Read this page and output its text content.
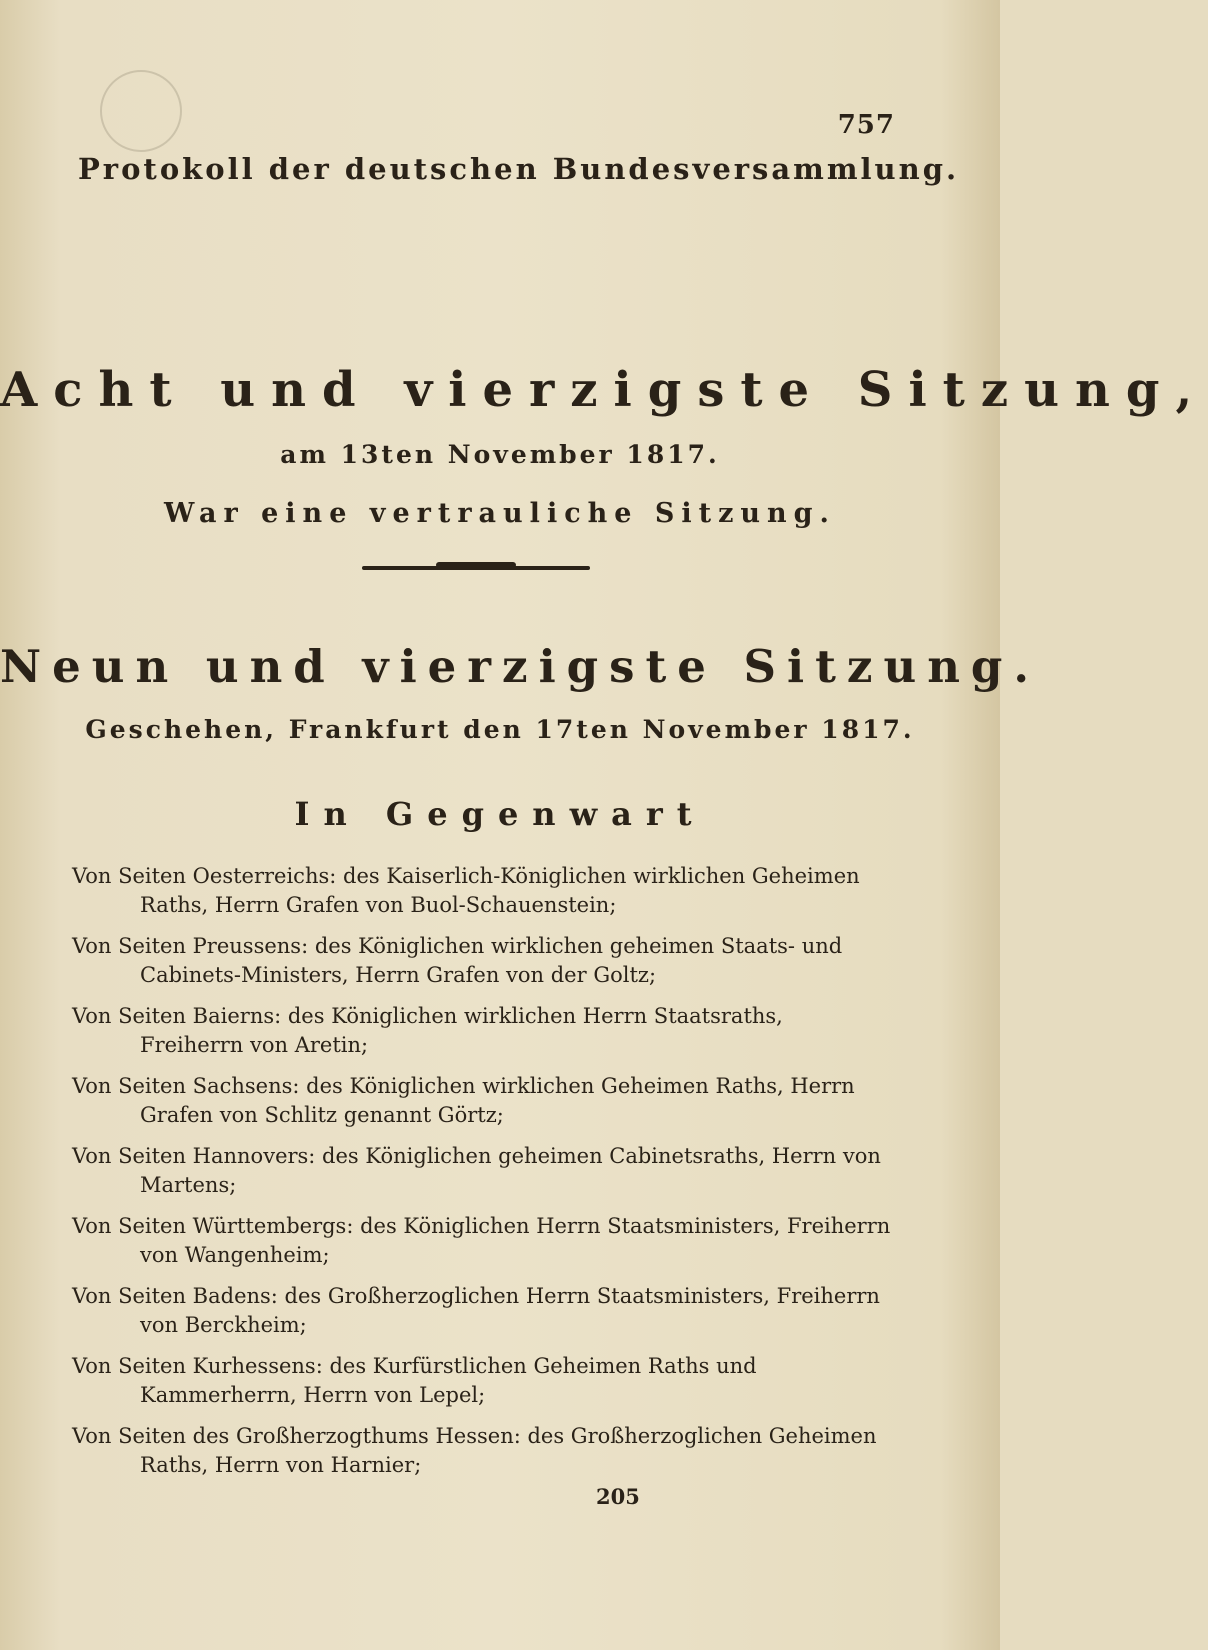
757
Protokoll der deutschen Bundesversammlung.
Acht und vierzigste Sitzung,
am 13ten November 1817.
War eine vertrauliche Sitzung.
Neun und vierzigste Sitzung.
Geschehen, Frankfurt den 17ten November 1817.
In Gegenwart
Von Seiten Oesterreichs: des Kaiserlich-Königlichen wirklichen Geheimen Raths, Herrn Grafen von Buol-Schauenstein;
Von Seiten Preussens: des Königlichen wirklichen geheimen Staats- und Cabinets-Ministers, Herrn Grafen von der Goltz;
Von Seiten Baierns: des Königlichen wirklichen Herrn Staatsraths, Freiherrn von Aretin;
Von Seiten Sachsens: des Königlichen wirklichen Geheimen Raths, Herrn Grafen von Schlitz genannt Görtz;
Von Seiten Hannovers: des Königlichen geheimen Cabinetsraths, Herrn von Martens;
Von Seiten Württembergs: des Königlichen Herrn Staatsministers, Freiherrn von Wangenheim;
Von Seiten Badens: des Großherzoglichen Herrn Staatsministers, Freiherrn von Berckheim;
Von Seiten Kurhessens: des Kurfürstlichen Geheimen Raths und Kammerherrn, Herrn von Lepel;
Von Seiten des Großherzogthums Hessen: des Großherzoglichen Geheimen Raths, Herrn von Harnier;
205
